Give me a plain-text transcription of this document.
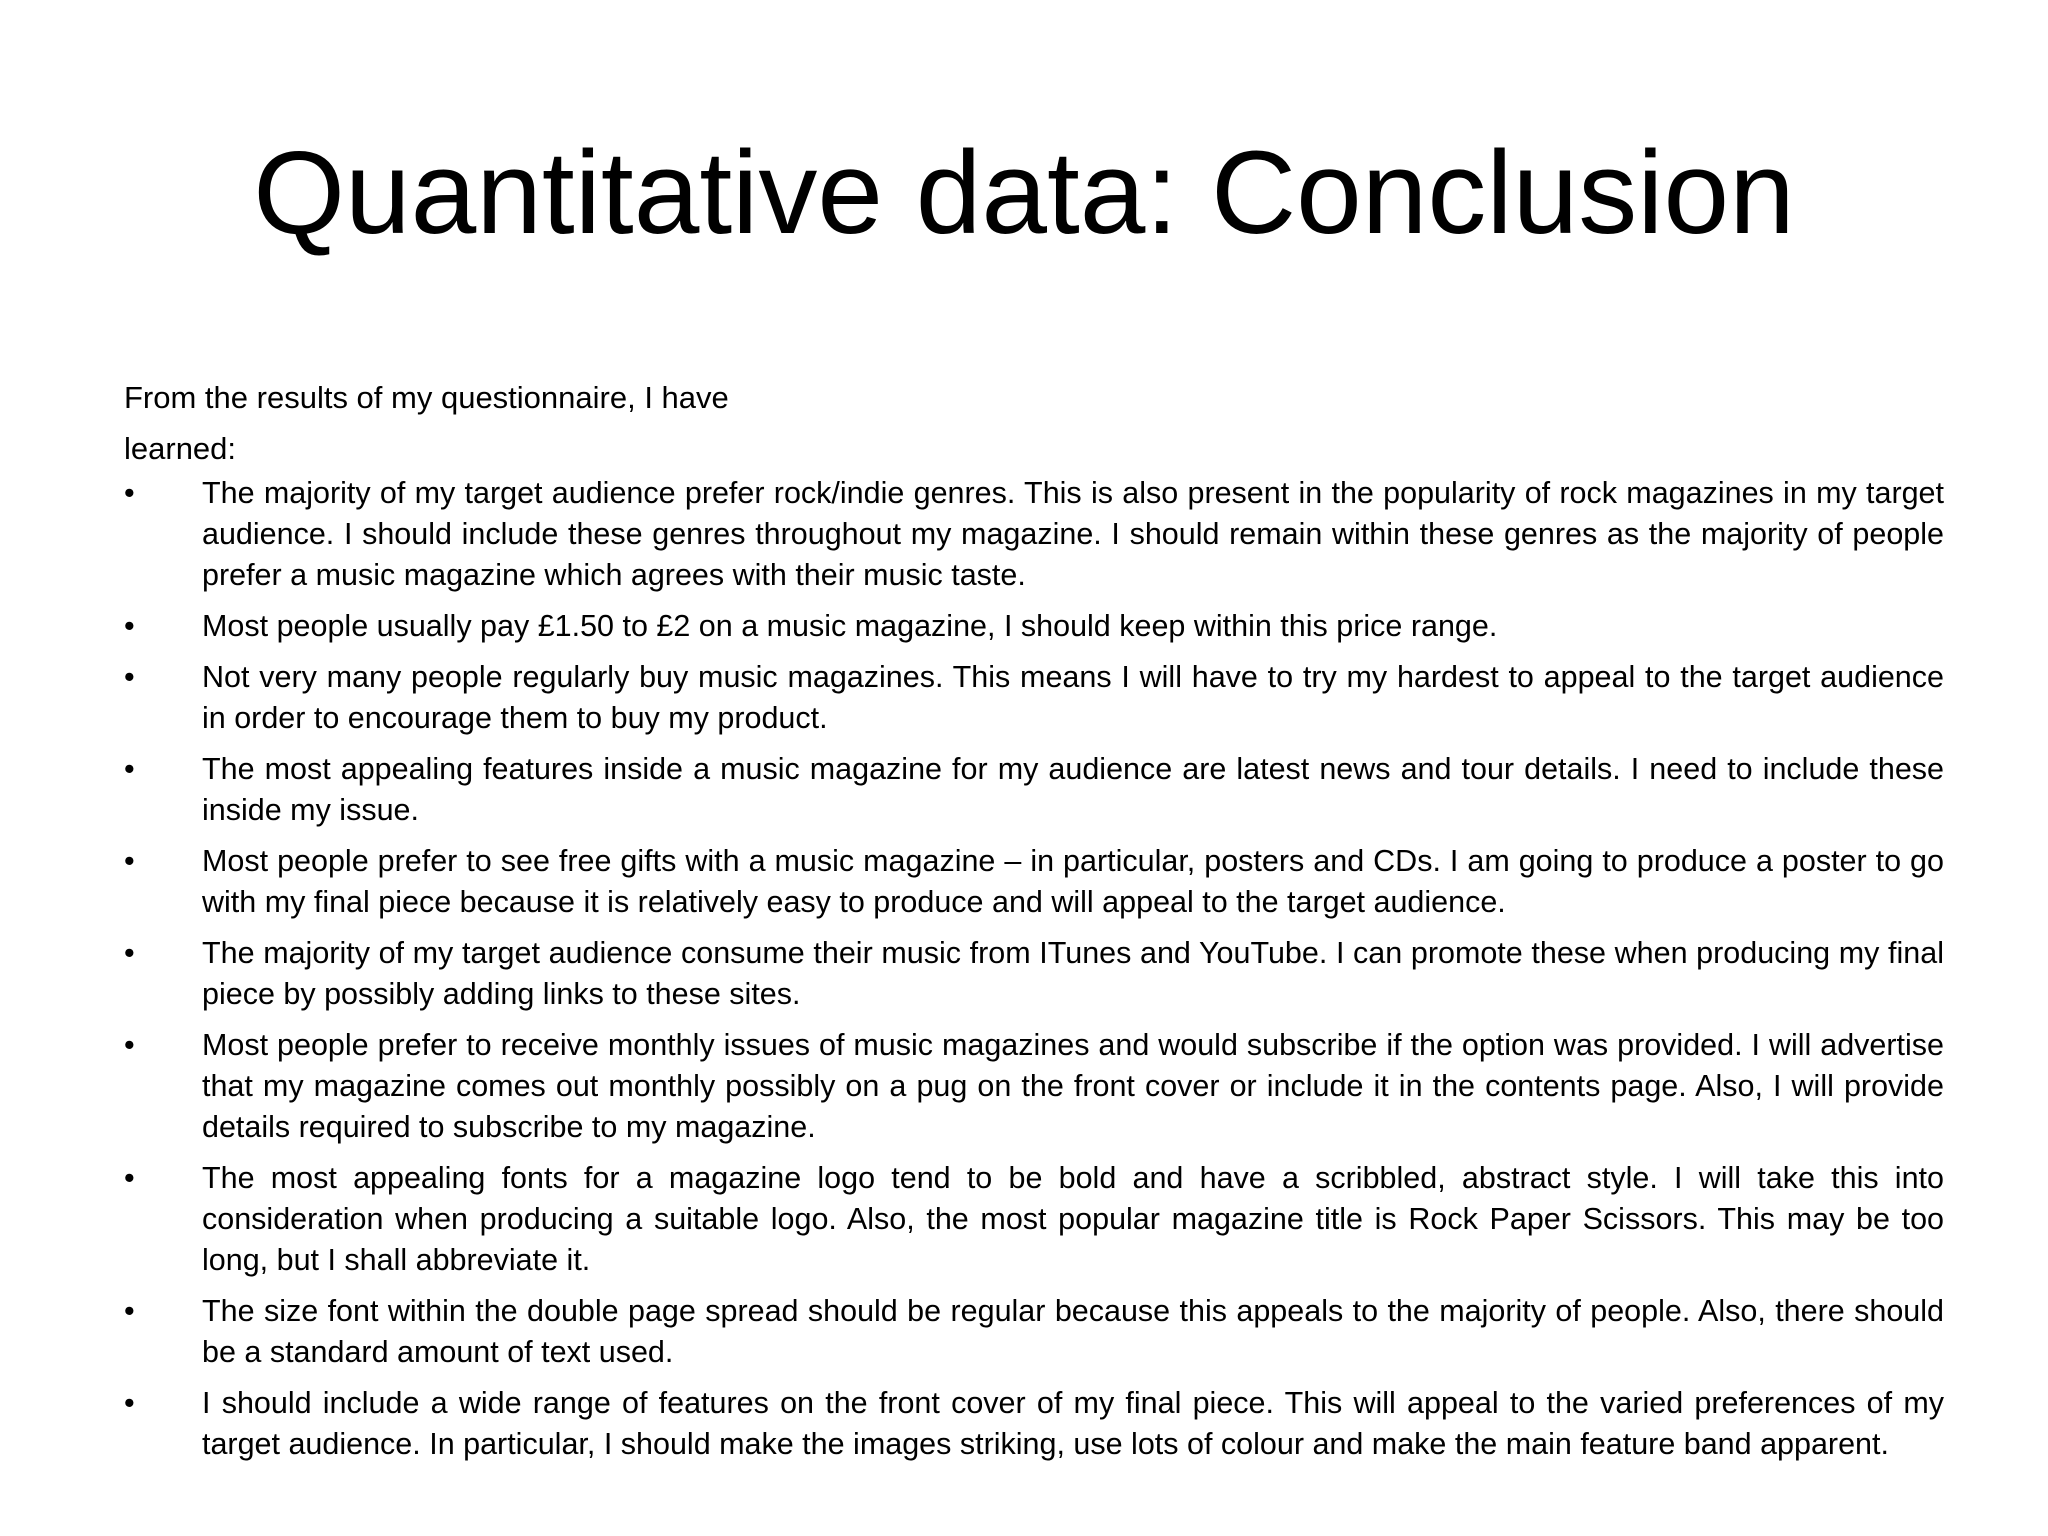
Quantitative data: Conclusion

From the results of my questionnaire, I have

learned:

•	The majority of my target audience prefer rock/indie genres. This is also present in the popularity of rock magazines in my target audience. I should include these genres throughout my magazine. I should remain within these genres as the majority of people prefer a music magazine which agrees with their music taste.
•	Most people usually pay £1.50 to £2 on a music magazine, I should keep within this price range.
•	Not very many people regularly buy music magazines. This means I will have to try my hardest to appeal to the target audience in order to encourage them to buy my product.
•	The most appealing features inside a music magazine for my audience are latest news and tour details. I need to include these inside my issue.
•	Most people prefer to see free gifts with a music magazine – in particular, posters and CDs. I am going to produce a poster to go with my final piece because it is relatively easy to produce and will appeal to the target audience.
•	The majority of my target audience consume their music from ITunes and YouTube. I can promote these when producing my final piece by possibly adding links to these sites.
•	Most people prefer to receive monthly issues of music magazines and would subscribe if the option was provided. I will advertise that my magazine comes out monthly possibly on a pug on the front cover or include it in the contents page. Also, I will provide details required to subscribe to my magazine.
•	The most appealing fonts for a magazine logo tend to be bold and have a scribbled, abstract style. I will take this into consideration when producing a suitable logo. Also, the most popular magazine title is Rock Paper Scissors. This may be too long, but I shall abbreviate it.
•	The size font within the double page spread should be regular because this appeals to the majority of people. Also, there should be a standard amount of text used.
•	I should include a wide range of features on the front cover of my final piece. This will appeal to the varied preferences of my target audience. In particular, I should make the images striking, use lots of colour and make the main feature band apparent.
